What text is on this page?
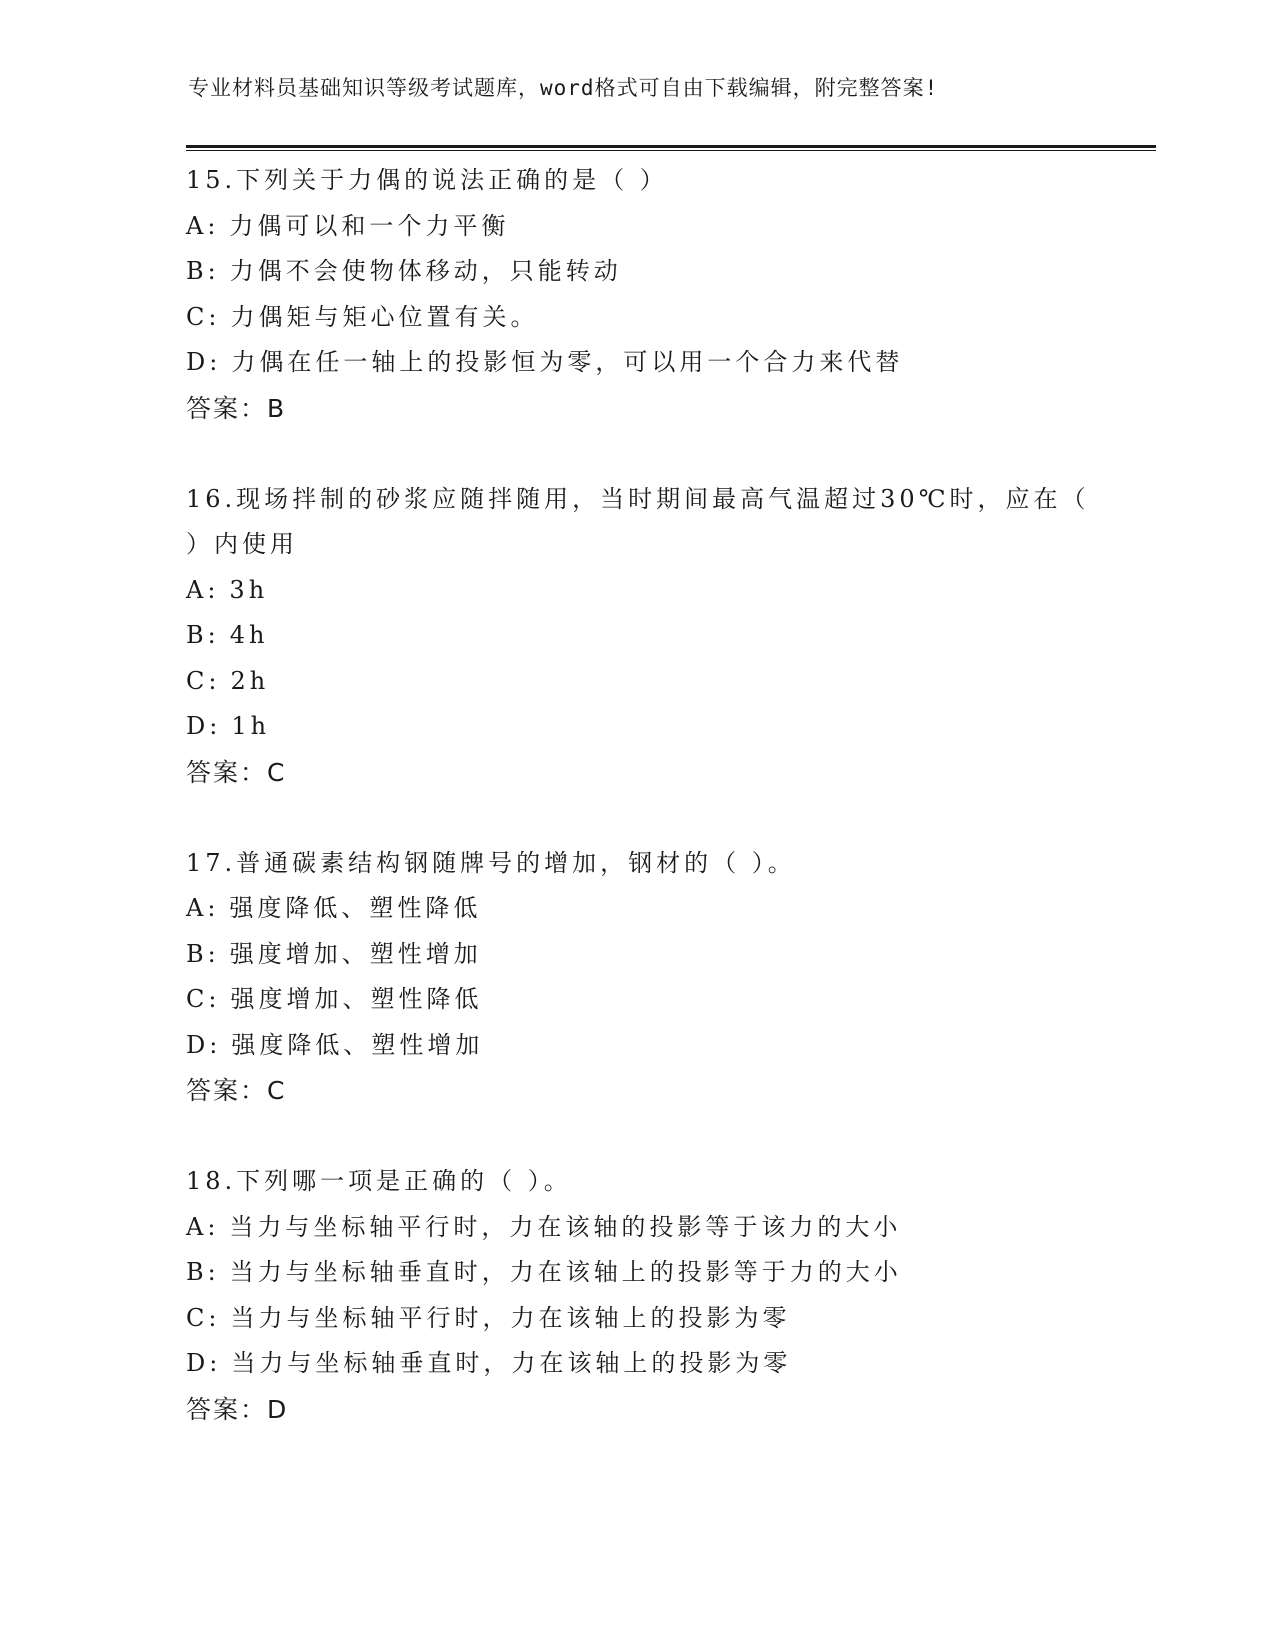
专业材料员基础知识等级考试题库，word格式可自由下载编辑，附完整答案!
15.下列关于力偶的说法正确的是（ ）
A: 力偶可以和一个力平衡
B: 力偶不会使物体移动，只能转动
C: 力偶矩与矩心位置有关。
D: 力偶在任一轴上的投影恒为零，可以用一个合力来代替
答案：B
16.现场拌制的砂浆应随拌随用，当时期间最高气温超过30℃时，应在（ ）内使用
A: 3h
B: 4h
C: 2h
D: 1h
答案：C
17.普通碳素结构钢随牌号的增加，钢材的（ ）。
A: 强度降低、塑性降低
B: 强度增加、塑性增加
C: 强度增加、塑性降低
D: 强度降低、塑性增加
答案：C
18.下列哪一项是正确的（ ）。
A: 当力与坐标轴平行时，力在该轴的投影等于该力的大小
B: 当力与坐标轴垂直时，力在该轴上的投影等于力的大小
C: 当力与坐标轴平行时，力在该轴上的投影为零
D: 当力与坐标轴垂直时，力在该轴上的投影为零
答案：D
